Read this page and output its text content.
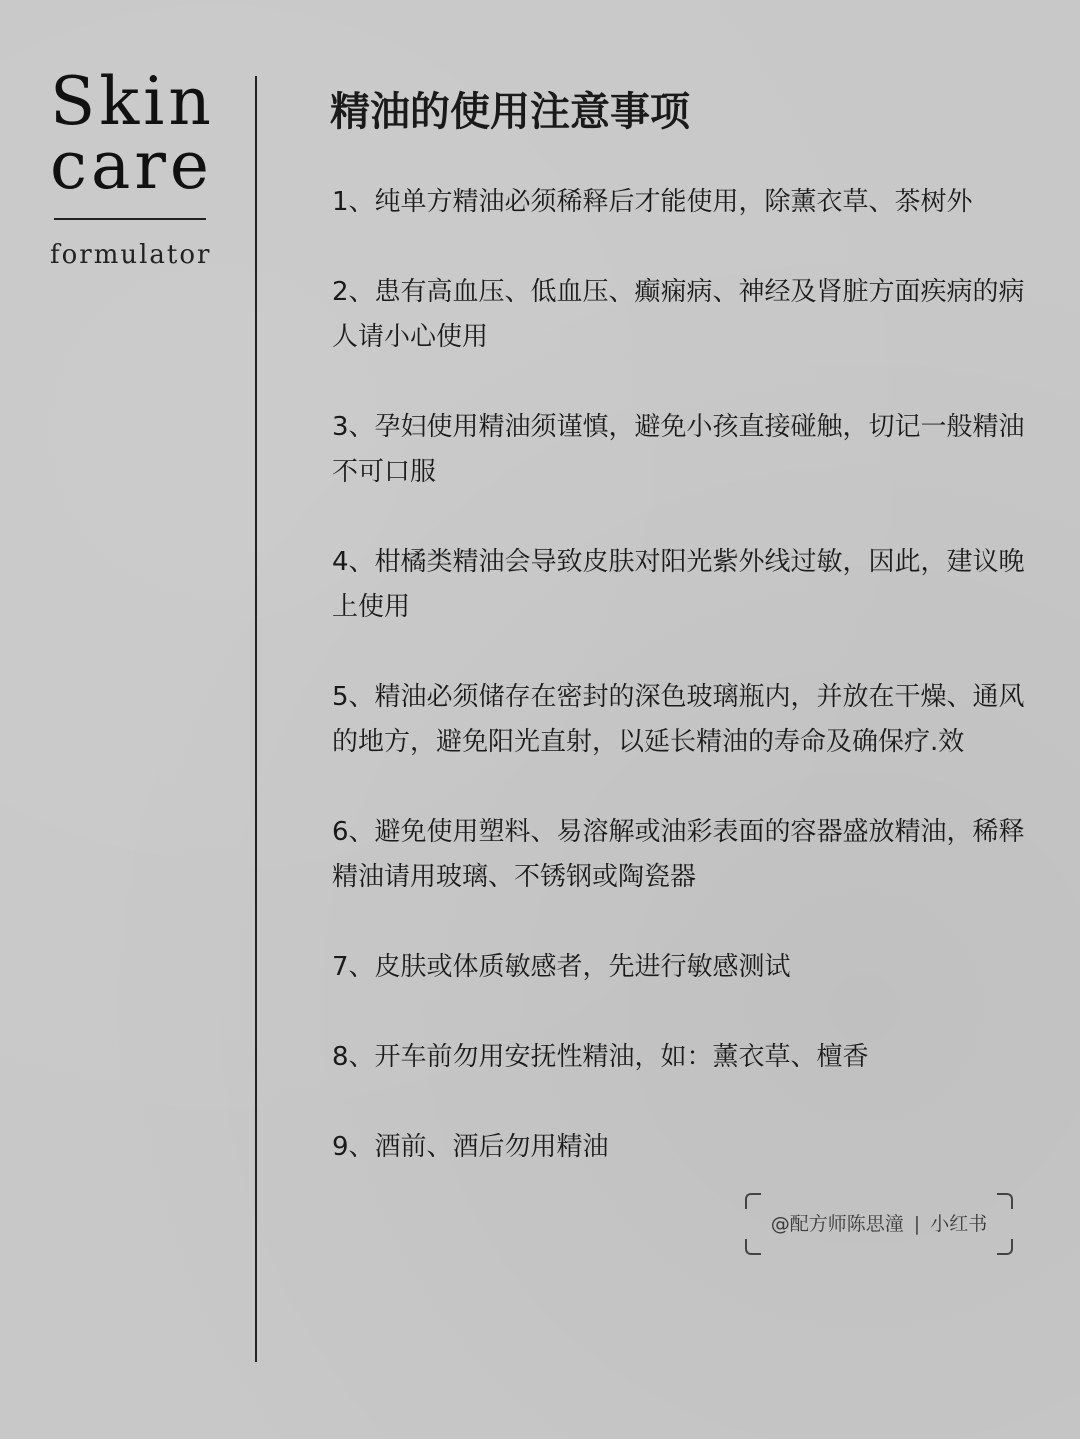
Skin
care
formulator
精油的使用注意事项
1、纯单方精油必须稀释后才能使用，除薰衣草、茶树外
2、患有高血压、低血压、癫痫病、神经及肾脏方面疾病的病人请小心使用
3、孕妇使用精油须谨慎，避免小孩直接碰触，切记一般精油不可口服
4、柑橘类精油会导致皮肤对阳光紫外线过敏，因此，建议晚上使用
5、精油必须储存在密封的深色玻璃瓶内，并放在干燥、通风的地方，避免阳光直射，以延长精油的寿命及确保疗.效
6、避免使用塑料、易溶解或油彩表面的容器盛放精油，稀释精油请用玻璃、不锈钢或陶瓷器
7、皮肤或体质敏感者，先进行敏感测试
8、开车前勿用安抚性精油，如：薰衣草、檀香
9、酒前、酒后勿用精油
@配方师陈思潼 | 小红书
